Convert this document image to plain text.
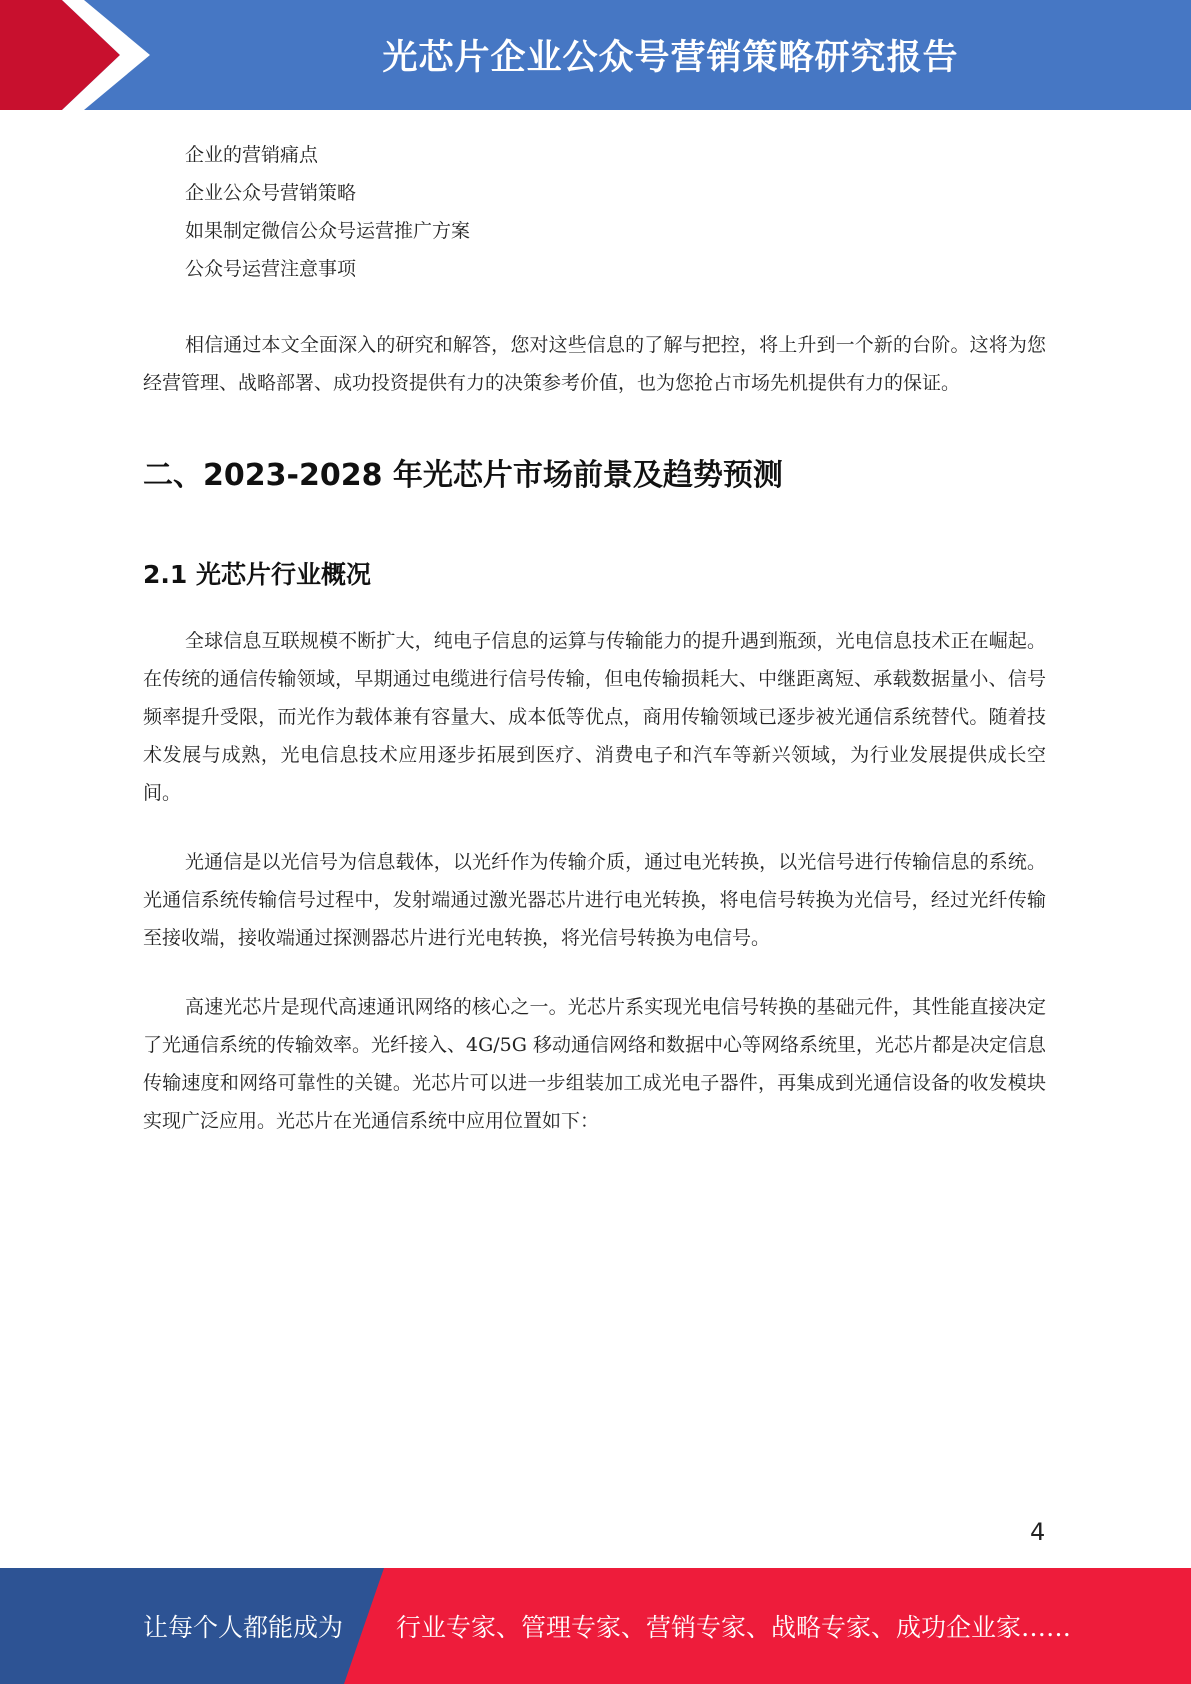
光芯片企业公众号营销策略研究报告

企业的营销痛点

企业公众号营销策略

如果制定微信公众号运营推广方案

公众号运营注意事项

相信通过本文全面深入的研究和解答，您对这些信息的了解与把控，将上升到一个新的台阶。这将为您经营管理、战略部署、成功投资提供有力的决策参考价值，也为您抢占市场先机提供有力的保证。

二、2023-2028 年光芯片市场前景及趋势预测
2.1 光芯片行业概况

全球信息互联规模不断扩大，纯电子信息的运算与传输能力的提升遇到瓶颈，光电信息技术正在崛起。在传统的通信传输领域，早期通过电缆进行信号传输，但电传输损耗大、中继距离短、承载数据量小、信号频率提升受限，而光作为载体兼有容量大、成本低等优点，商用传输领域已逐步被光通信系统替代。随着技术发展与成熟，光电信息技术应用逐步拓展到医疗、消费电子和汽车等新兴领域，为行业发展提供成长空间。

光通信是以光信号为信息载体，以光纤作为传输介质，通过电光转换，以光信号进行传输信息的系统。光通信系统传输信号过程中，发射端通过激光器芯片进行电光转换，将电信号转换为光信号，经过光纤传输至接收端，接收端通过探测器芯片进行光电转换，将光信号转换为电信号。

高速光芯片是现代高速通讯网络的核心之一。光芯片系实现光电信号转换的基础元件，其性能直接决定了光通信系统的传输效率。光纤接入、4G/5G 移动通信网络和数据中心等网络系统里，光芯片都是决定信息传输速度和网络可靠性的关键。光芯片可以进一步组装加工成光电子器件，再集成到光通信设备的收发模块实现广泛应用。光芯片在光通信系统中应用位置如下：

4
让每个人都能成为 行业专家、管理专家、营销专家、战略专家、成功企业家……
